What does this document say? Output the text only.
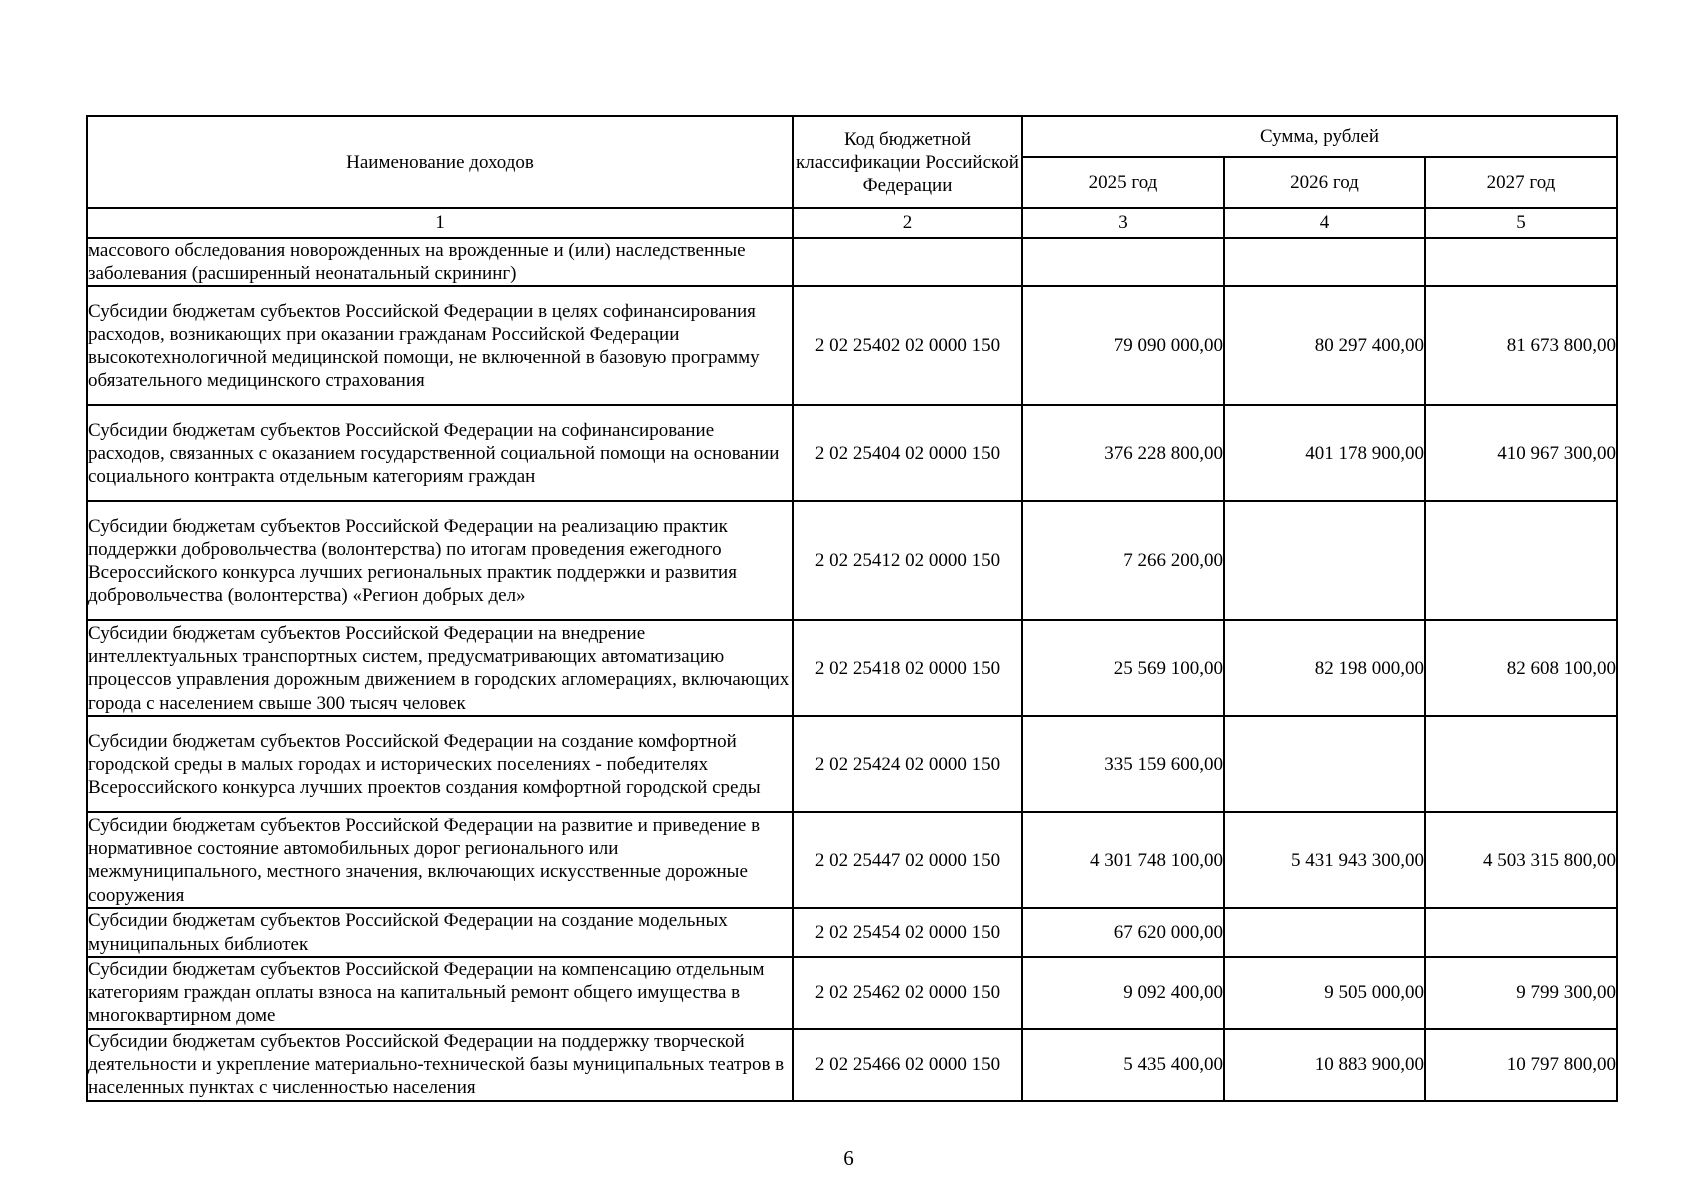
Наименование доходов	Код бюджетной классификации Российской Федерации	Сумма, рублей		
		2025 год	2026 год	2027 год
1	2	3	4	5
массового обследования новорожденных на врожденные и (или) наследственные заболевания (расширенный неонатальный скрининг)				
Субсидии бюджетам субъектов Российской Федерации в целях софинансирования расходов, возникающих при оказании гражданам Российской Федерации высокотехнологичной медицинской помощи, не включенной в базовую программу обязательного медицинского страхования	2 02 25402 02 0000 150	79 090 000,00	80 297 400,00	81 673 800,00
Субсидии бюджетам субъектов Российской Федерации на софинансирование расходов, связанных с оказанием государственной социальной помощи на основании социального контракта отдельным категориям граждан	2 02 25404 02 0000 150	376 228 800,00	401 178 900,00	410 967 300,00
Субсидии бюджетам субъектов Российской Федерации на реализацию практик поддержки добровольчества (волонтерства) по итогам проведения ежегодного Всероссийского конкурса лучших региональных практик поддержки и развития добровольчества (волонтерства) «Регион добрых дел»	2 02 25412 02 0000 150	7 266 200,00		
Субсидии бюджетам субъектов Российской Федерации на внедрение интеллектуальных транспортных систем, предусматривающих автоматизацию процессов управления дорожным движением в городских агломерациях, включающих города с населением свыше 300 тысяч человек	2 02 25418 02 0000 150	25 569 100,00	82 198 000,00	82 608 100,00
Субсидии бюджетам субъектов Российской Федерации на создание комфортной городской среды в малых городах и исторических поселениях - победителях Всероссийского конкурса лучших проектов создания комфортной городской среды	2 02 25424 02 0000 150	335 159 600,00		
Субсидии бюджетам субъектов Российской Федерации на развитие и приведение в нормативное состояние автомобильных дорог регионального или межмуниципального, местного значения, включающих искусственные дорожные сооружения	2 02 25447 02 0000 150	4 301 748 100,00	5 431 943 300,00	4 503 315 800,00
Субсидии бюджетам субъектов Российской Федерации на создание модельных муниципальных библиотек	2 02 25454 02 0000 150	67 620 000,00		
Субсидии бюджетам субъектов Российской Федерации на компенсацию отдельным категориям граждан оплаты взноса на капитальный ремонт общего имущества в многоквартирном доме	2 02 25462 02 0000 150	9 092 400,00	9 505 000,00	9 799 300,00
Субсидии бюджетам субъектов Российской Федерации на поддержку творческой деятельности и укрепление материально-технической базы муниципальных театров в населенных пунктах с численностью населения	2 02 25466 02 0000 150	5 435 400,00	10 883 900,00	10 797 800,00
6
